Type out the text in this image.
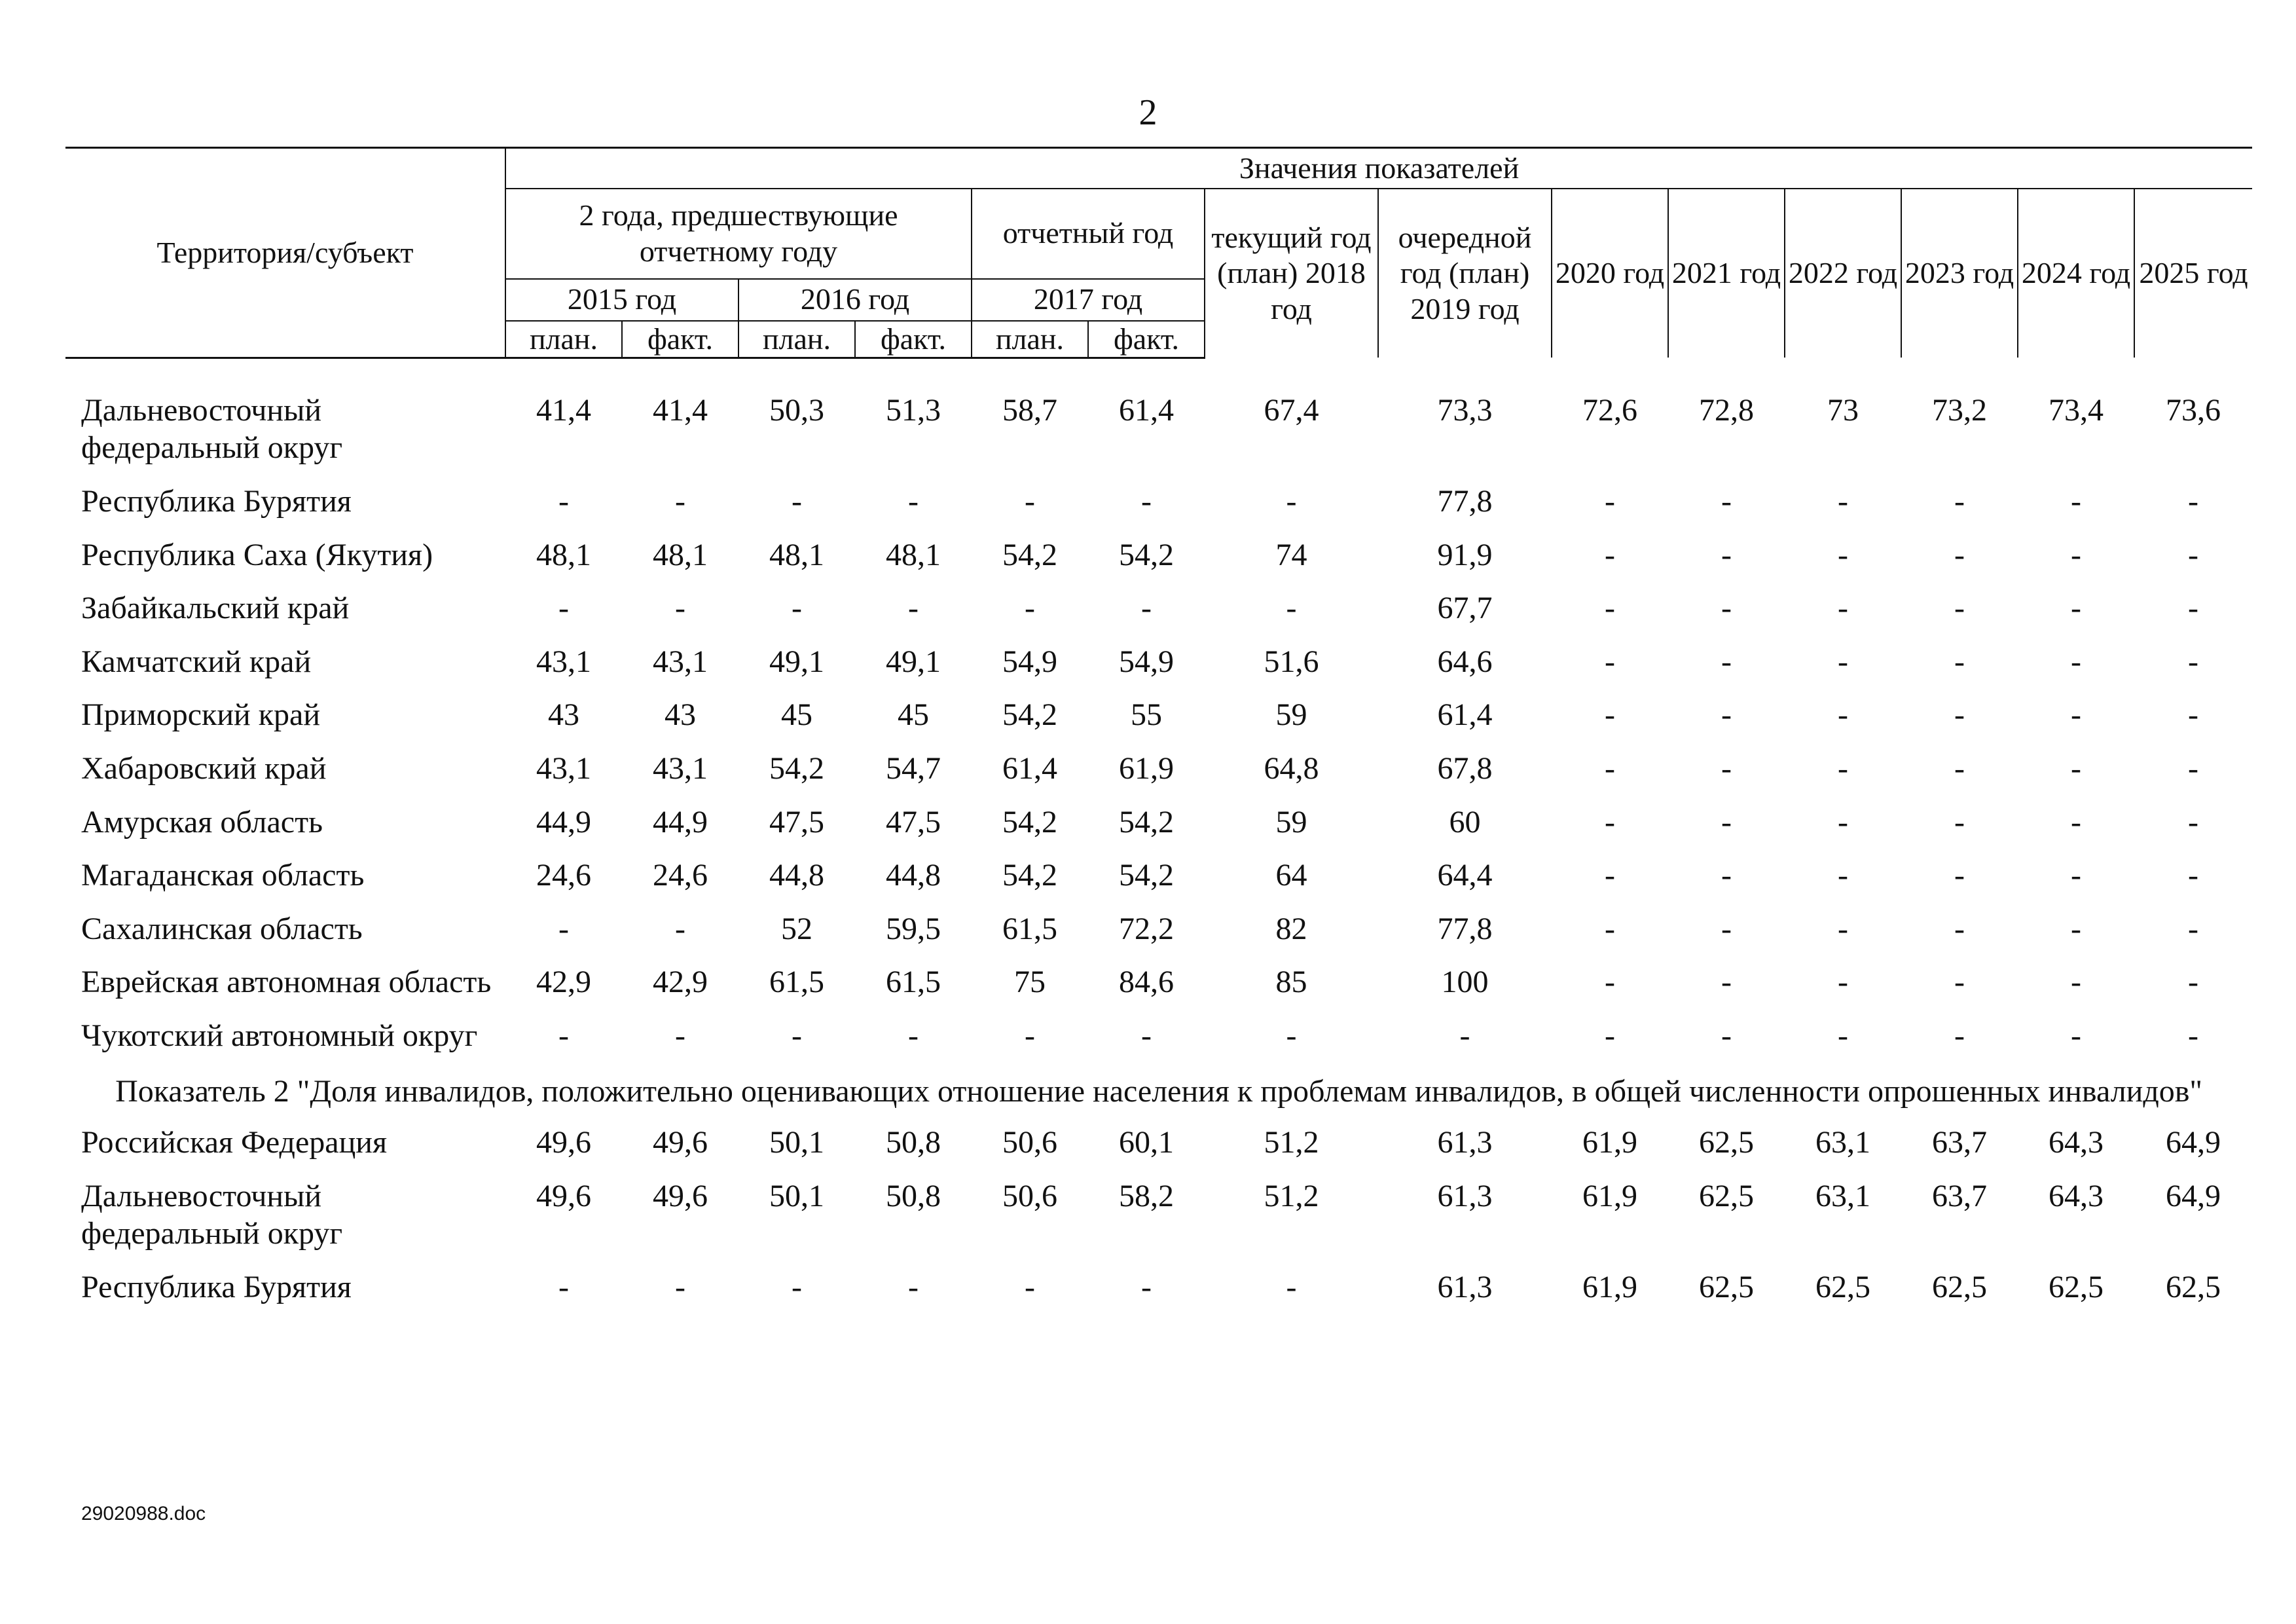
2
Территория/субъект	Значения показателей													
	2 года, предшествующие отчетному году				отчетный год		текущий год (план) 2018 год	очередной год (план) 2019 год	2020 год	2021 год	2022 год	2023 год	2024 год	2025 год
	2015 год		2016 год		2017 год									
	план.	факт.	план.	факт.	план.	факт.								

Дальневосточный федеральный округ	41,4	41,4	50,3	51,3	58,7	61,4	67,4	73,3	72,6	72,8	73	73,2	73,4	73,6
Республика Бурятия	-	-	-	-	-	-	-	77,8	-	-	-	-	-	-
Республика Саха (Якутия)	48,1	48,1	48,1	48,1	54,2	54,2	74	91,9	-	-	-	-	-	-
Забайкальский край	-	-	-	-	-	-	-	67,7	-	-	-	-	-	-
Камчатский край	43,1	43,1	49,1	49,1	54,9	54,9	51,6	64,6	-	-	-	-	-	-
Приморский край	43	43	45	45	54,2	55	59	61,4	-	-	-	-	-	-
Хабаровский край	43,1	43,1	54,2	54,7	61,4	61,9	64,8	67,8	-	-	-	-	-	-
Амурская область	44,9	44,9	47,5	47,5	54,2	54,2	59	60	-	-	-	-	-	-
Магаданская область	24,6	24,6	44,8	44,8	54,2	54,2	64	64,4	-	-	-	-	-	-
Сахалинская область	-	-	52	59,5	61,5	72,2	82	77,8	-	-	-	-	-	-
Еврейская автономная область	42,9	42,9	61,5	61,5	75	84,6	85	100	-	-	-	-	-	-
Чукотский автономный округ	-	-	-	-	-	-	-	-	-	-	-	-	-	-
Показатель 2 "Доля инвалидов, положительно оценивающих отношение населения к проблемам инвалидов, в общей численности опрошенных инвалидов"														
Российская Федерация	49,6	49,6	50,1	50,8	50,6	60,1	51,2	61,3	61,9	62,5	63,1	63,7	64,3	64,9
Дальневосточный федеральный округ	49,6	49,6	50,1	50,8	50,6	58,2	51,2	61,3	61,9	62,5	63,1	63,7	64,3	64,9
Республика Бурятия	-	-	-	-	-	-	-	61,3	61,9	62,5	62,5	62,5	62,5	62,5
29020988.doc
